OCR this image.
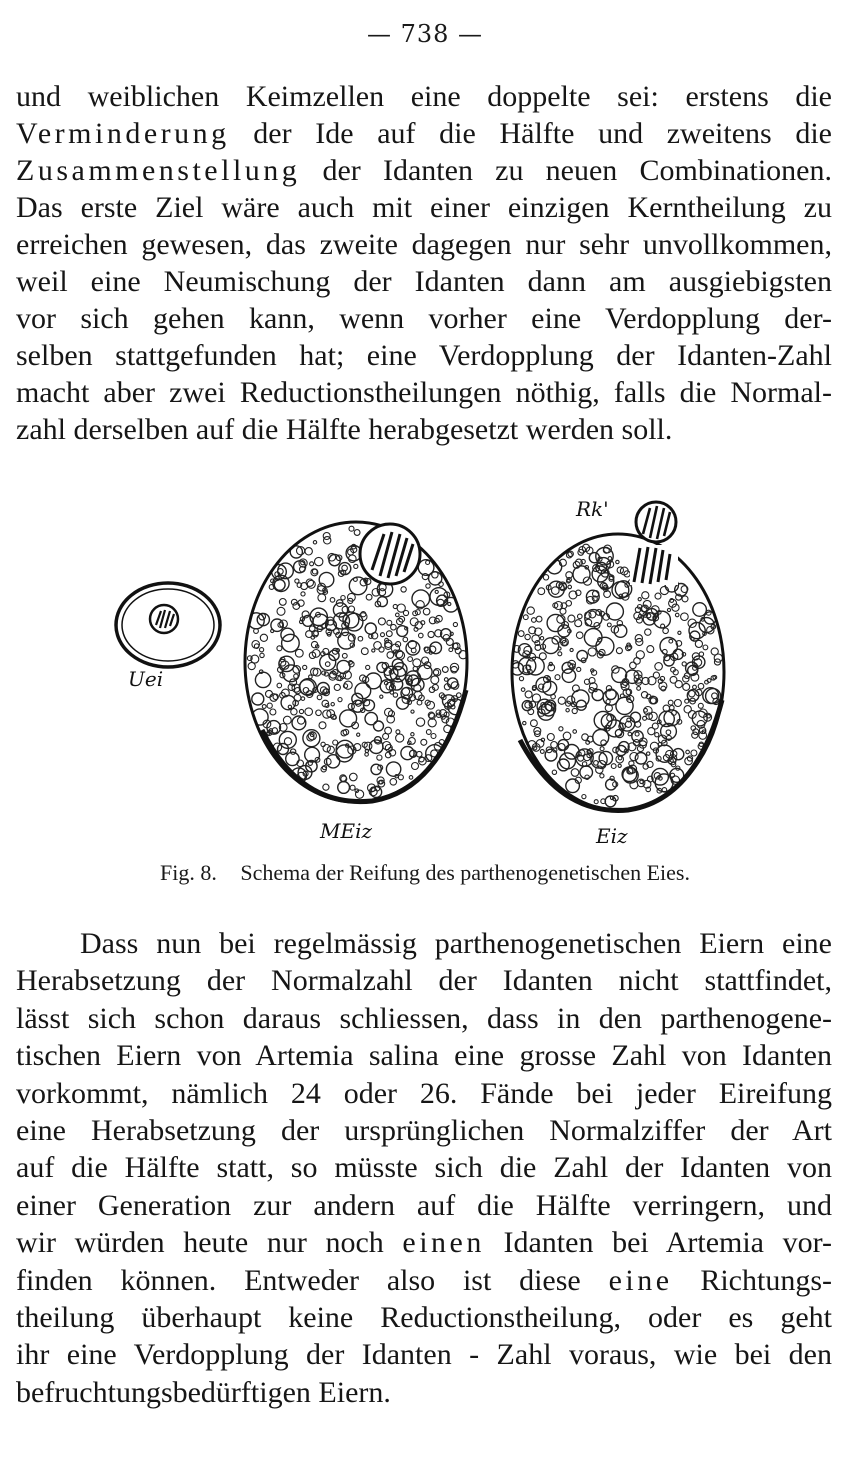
— 738 —
und weiblichen Keimzellen eine doppelte sei: erstens die
Verminderung der Ide auf die Hälfte und zweitens die
Zusammenstellung der Idanten zu neuen Combinationen.
Das erste Ziel wäre auch mit einer einzigen Kerntheilung zu
erreichen gewesen, das zweite dagegen nur sehr unvollkommen,
weil eine Neumischung der Idanten dann am ausgiebigsten
vor sich gehen kann, wenn vorher eine Verdopplung der-
selben stattgefunden hat; eine Verdopplung der Idanten-Zahl
macht aber zwei Reductionstheilungen nöthig, falls die Normal-
zahl derselben auf die Hälfte herabgesetzt werden soll.
Uei
MEiz
Rk'
Eiz
Fig. 8. Schema der Reifung des parthenogenetischen Eies.
Dass nun bei regelmässig parthenogenetischen Eiern eine
Herabsetzung der Normalzahl der Idanten nicht stattfindet,
lässt sich schon daraus schliessen, dass in den parthenogene-
tischen Eiern von Artemia salina eine grosse Zahl von Idanten
vorkommt, nämlich 24 oder 26. Fände bei jeder Eireifung
eine Herabsetzung der ursprünglichen Normalziffer der Art
auf die Hälfte statt, so müsste sich die Zahl der Idanten von
einer Generation zur andern auf die Hälfte verringern, und
wir würden heute nur noch einen Idanten bei Artemia vor-
finden können. Entweder also ist diese eine Richtungs-
theilung überhaupt keine Reductionstheilung, oder es geht
ihr eine Verdopplung der Idanten - Zahl voraus, wie bei den
befruchtungsbedürftigen Eiern.
